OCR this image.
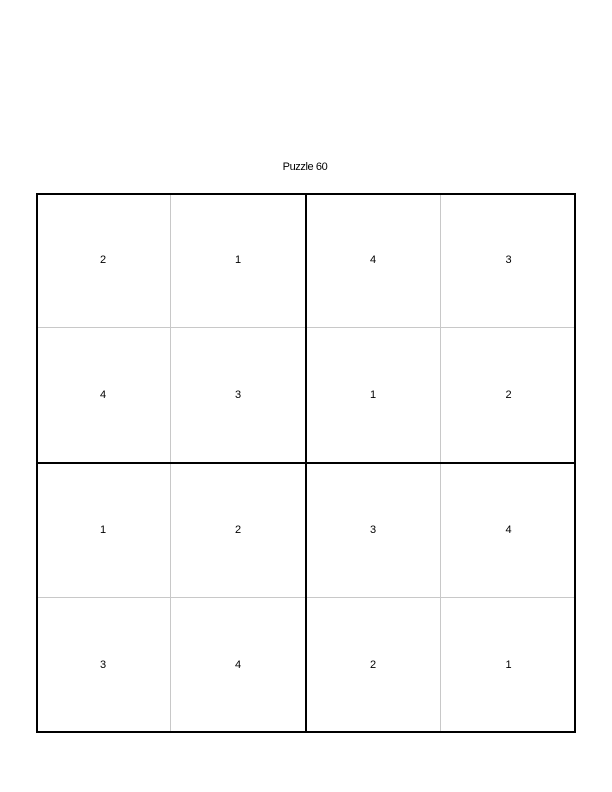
Puzzle 60
2	1	4	3
4	3	1	2
1	2	3	4
3	4	2	1
